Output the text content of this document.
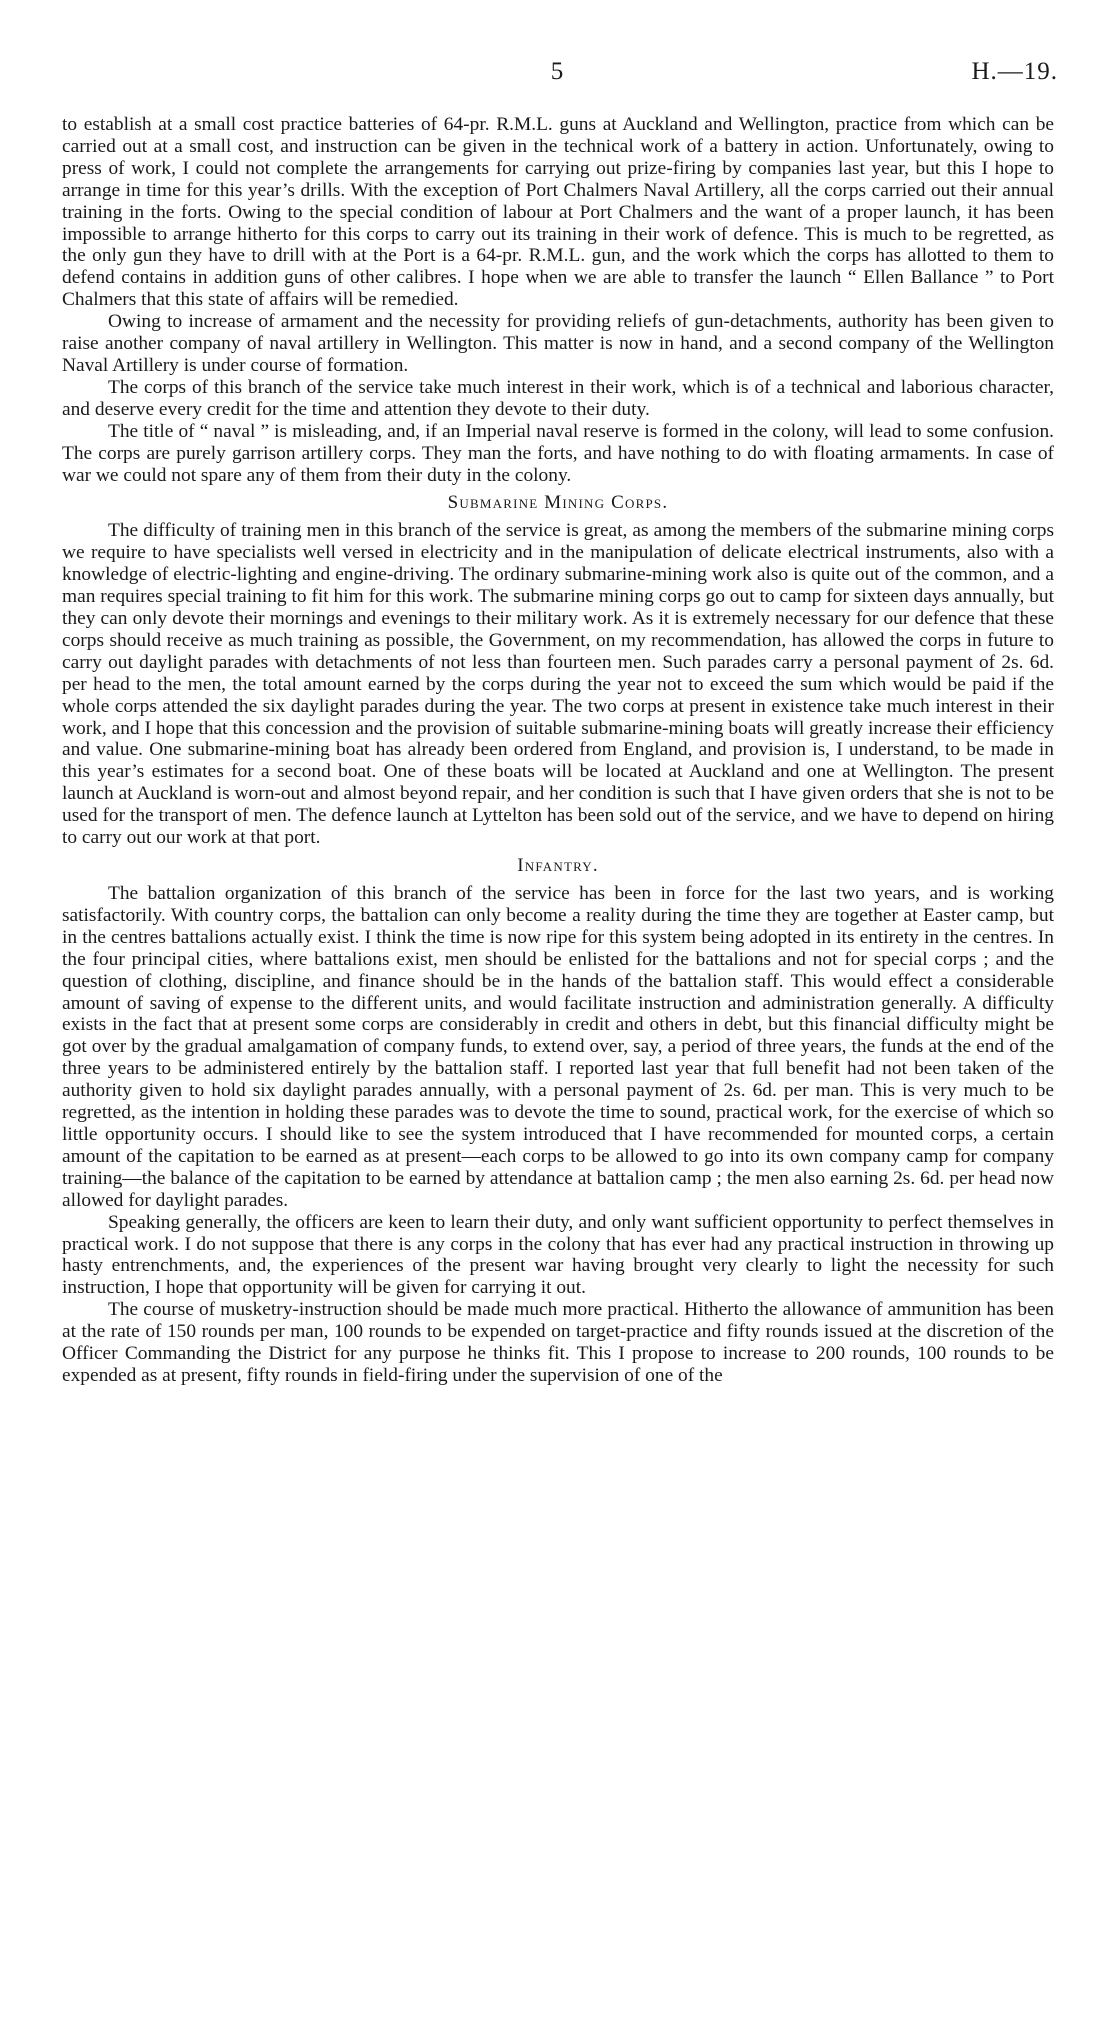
5	H.—19.

to establish at a small cost practice batteries of 64-pr. R.M.L. guns at Auckland and Wellington, practice from which can be carried out at a small cost, and instruction can be given in the technical work of a battery in action. Unfortunately, owing to press of work, I could not complete the arrangements for carrying out prize-firing by companies last year, but this I hope to arrange in time for this year’s drills. With the exception of Port Chalmers Naval Artillery, all the corps carried out their annual training in the forts. Owing to the special condition of labour at Port Chalmers and the want of a proper launch, it has been impossible to arrange hitherto for this corps to carry out its training in their work of defence. This is much to be regretted, as the only gun they have to drill with at the Port is a 64-pr. R.M.L. gun, and the work which the corps has allotted to them to defend contains in addition guns of other calibres. I hope when we are able to transfer the launch “ Ellen Ballance ” to Port Chalmers that this state of affairs will be remedied.

Owing to increase of armament and the necessity for providing reliefs of gun-detachments, authority has been given to raise another company of naval artillery in Wellington. This matter is now in hand, and a second company of the Wellington Naval Artillery is under course of formation.

The corps of this branch of the service take much interest in their work, which is of a technical and laborious character, and deserve every credit for the time and attention they devote to their duty.

The title of “ naval ” is misleading, and, if an Imperial naval reserve is formed in the colony, will lead to some confusion. The corps are purely garrison artillery corps. They man the forts, and have nothing to do with floating armaments. In case of war we could not spare any of them from their duty in the colony.

Submarine Mining Corps.

The difficulty of training men in this branch of the service is great, as among the members of the submarine mining corps we require to have specialists well versed in electricity and in the manipulation of delicate electrical instruments, also with a knowledge of electric-lighting and engine-driving. The ordinary submarine-mining work also is quite out of the common, and a man requires special training to fit him for this work. The submarine mining corps go out to camp for sixteen days annually, but they can only devote their mornings and evenings to their military work. As it is extremely necessary for our defence that these corps should receive as much training as possible, the Government, on my recommendation, has allowed the corps in future to carry out daylight parades with detachments of not less than fourteen men. Such parades carry a personal payment of 2s. 6d. per head to the men, the total amount earned by the corps during the year not to exceed the sum which would be paid if the whole corps attended the six daylight parades during the year. The two corps at present in existence take much interest in their work, and I hope that this concession and the provision of suitable submarine-mining boats will greatly increase their efficiency and value. One submarine-mining boat has already been ordered from England, and provision is, I understand, to be made in this year’s estimates for a second boat. One of these boats will be located at Auckland and one at Wellington. The present launch at Auckland is worn-out and almost beyond repair, and her condition is such that I have given orders that she is not to be used for the transport of men. The defence launch at Lyttelton has been sold out of the service, and we have to depend on hiring to carry out our work at that port.

Infantry.

The battalion organization of this branch of the service has been in force for the last two years, and is working satisfactorily. With country corps, the battalion can only become a reality during the time they are together at Easter camp, but in the centres battalions actually exist. I think the time is now ripe for this system being adopted in its entirety in the centres. In the four principal cities, where battalions exist, men should be enlisted for the battalions and not for special corps ; and the question of clothing, discipline, and finance should be in the hands of the battalion staff. This would effect a considerable amount of saving of expense to the different units, and would facilitate instruction and administration generally. A difficulty exists in the fact that at present some corps are considerably in credit and others in debt, but this financial difficulty might be got over by the gradual amalgamation of company funds, to extend over, say, a period of three years, the funds at the end of the three years to be administered entirely by the battalion staff. I reported last year that full benefit had not been taken of the authority given to hold six daylight parades annually, with a personal payment of 2s. 6d. per man. This is very much to be regretted, as the intention in holding these parades was to devote the time to sound, practical work, for the exercise of which so little opportunity occurs. I should like to see the system introduced that I have recommended for mounted corps, a certain amount of the capitation to be earned as at present—each corps to be allowed to go into its own company camp for company training—the balance of the capitation to be earned by attendance at battalion camp ; the men also earning 2s. 6d. per head now allowed for daylight parades.

Speaking generally, the officers are keen to learn their duty, and only want sufficient opportunity to perfect themselves in practical work. I do not suppose that there is any corps in the colony that has ever had any practical instruction in throwing up hasty entrenchments, and, the experiences of the present war having brought very clearly to light the necessity for such instruction, I hope that opportunity will be given for carrying it out.

The course of musketry-instruction should be made much more practical. Hitherto the allowance of ammunition has been at the rate of 150 rounds per man, 100 rounds to be expended on target-practice and fifty rounds issued at the discretion of the Officer Commanding the District for any purpose he thinks fit. This I propose to increase to 200 rounds, 100 rounds to be expended as at present, fifty rounds in field-firing under the supervision of one of the
